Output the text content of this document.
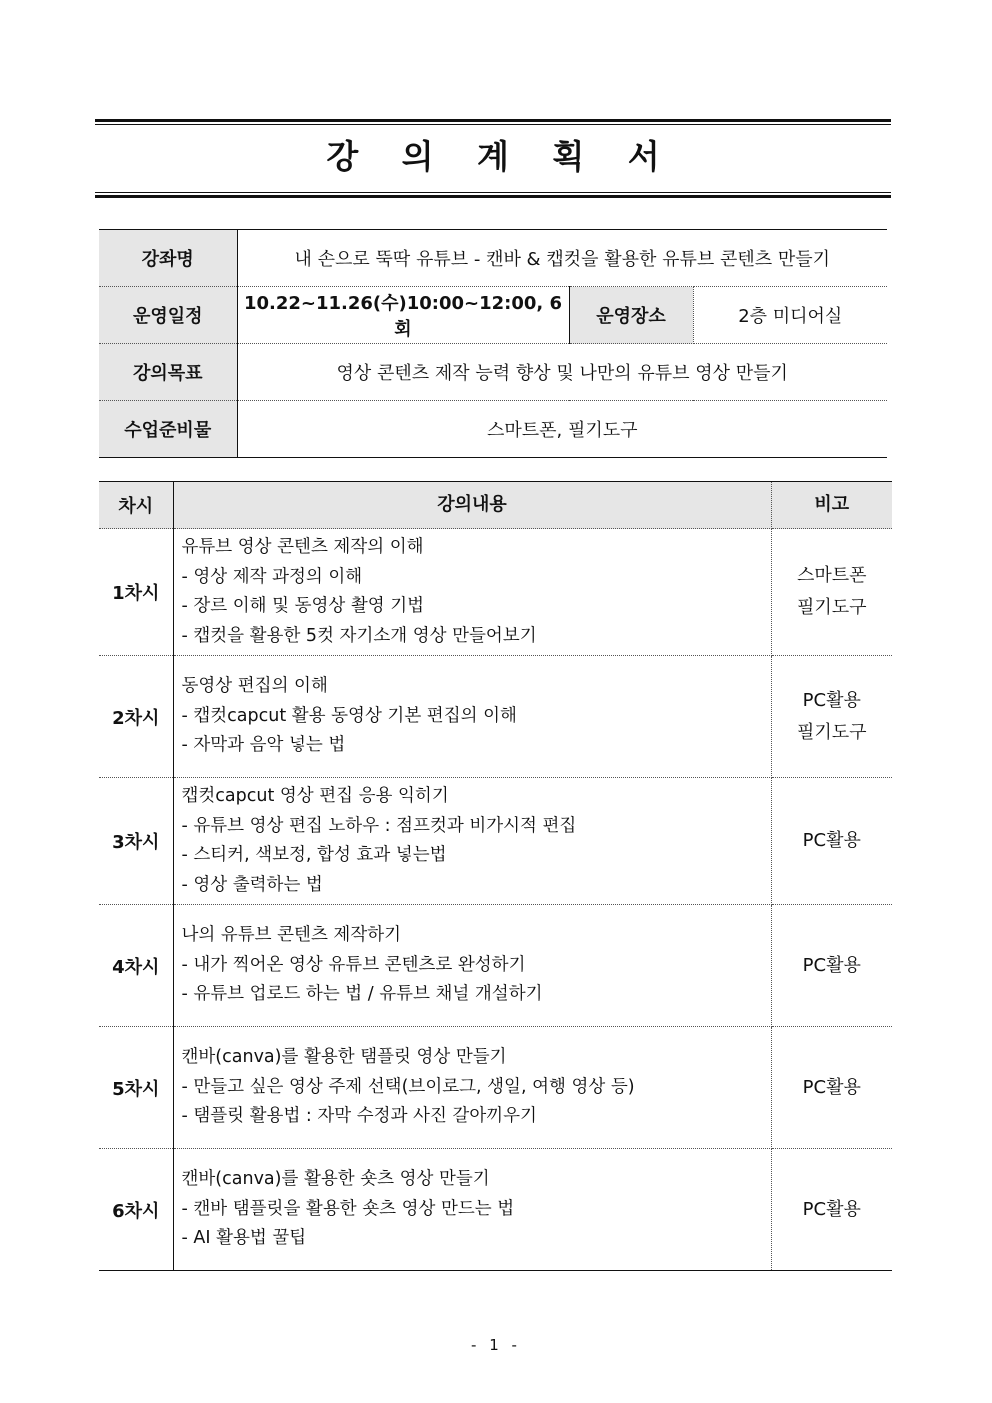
강 의 계 획 서
강좌명	내 손으로 뚝딱 유튜브 - 캔바 & 캡컷을 활용한 유튜브 콘텐츠 만들기		
운영일정	10.22~11.26(수)10:00~12:00, 6회	운영장소	2층 미디어실
강의목표	영상 콘텐츠 제작 능력 향상 및 나만의 유튜브 영상 만들기		
수업준비물	스마트폰, 필기도구		
차시	강의내용	비고
1차시	유튜브 영상 콘텐츠 제작의 이해
- 영상 제작 과정의 이해
- 장르 이해 및 동영상 촬영 기법
- 캡컷을 활용한 5컷 자기소개 영상 만들어보기	스마트폰
필기도구

2차시	동영상 편집의 이해
- 캡컷capcut 활용 동영상 기본 편집의 이해
- 자막과 음악 넣는 법	PC활용
필기도구

3차시	캡컷capcut 영상 편집 응용 익히기
- 유튜브 영상 편집 노하우 : 점프컷과 비가시적 편집
- 스티커, 색보정, 합성 효과 넣는법
- 영상 출력하는 법	PC활용

4차시	나의 유튜브 콘텐츠 제작하기
- 내가 찍어온 영상 유튜브 콘텐츠로 완성하기
- 유튜브 업로드 하는 법 / 유튜브 채널 개설하기	PC활용

5차시	캔바(canva)를 활용한 탬플릿 영상 만들기
- 만들고 싶은 영상 주제 선택(브이로그, 생일, 여행 영상 등)
- 탬플릿 활용법 : 자막 수정과 사진 갈아끼우기	PC활용

6차시	캔바(canva)를 활용한 숏츠 영상 만들기
- 캔바 탬플릿을 활용한 숏츠 영상 만드는 법
- AI 활용법 꿀팁	PC활용
- 1 -
